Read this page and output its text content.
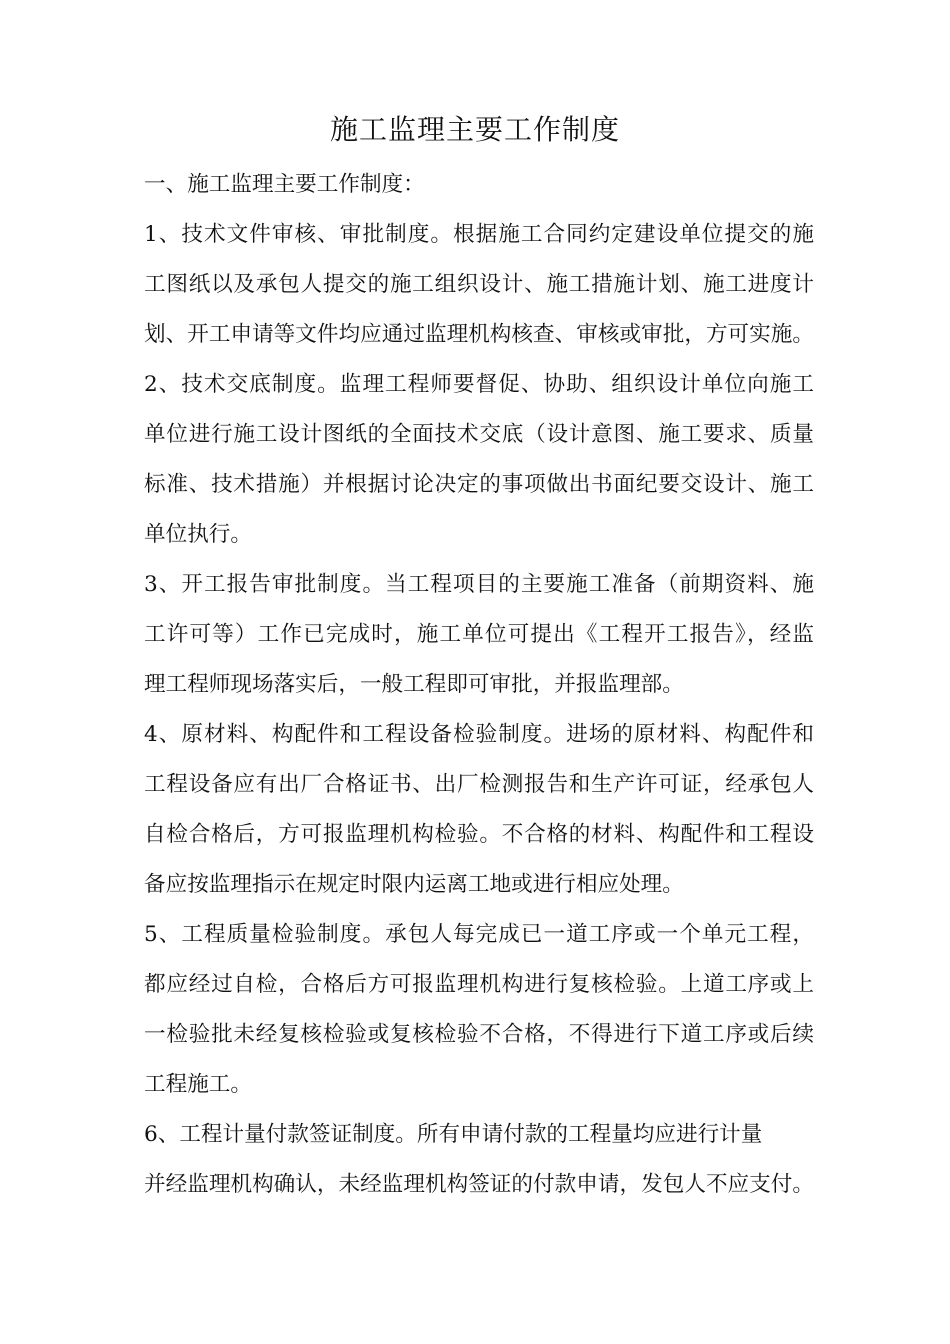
施工监理主要工作制度
一、施工监理主要工作制度：
1、技术文件审核、审批制度。根据施工合同约定建设单位提交的施
工图纸以及承包人提交的施工组织设计、施工措施计划、施工进度计
划、开工申请等文件均应通过监理机构核查、审核或审批，方可实施。
2、技术交底制度。监理工程师要督促、协助、组织设计单位向施工
单位进行施工设计图纸的全面技术交底（设计意图、施工要求、质量
标准、技术措施）并根据讨论决定的事项做出书面纪要交设计、施工
单位执行。
3、开工报告审批制度。当工程项目的主要施工准备（前期资料、施
工许可等）工作已完成时，施工单位可提出《工程开工报告》，经监
理工程师现场落实后，一般工程即可审批，并报监理部。
4、原材料、构配件和工程设备检验制度。进场的原材料、构配件和
工程设备应有出厂合格证书、出厂检测报告和生产许可证，经承包人
自检合格后，方可报监理机构检验。不合格的材料、构配件和工程设
备应按监理指示在规定时限内运离工地或进行相应处理。
5、工程质量检验制度。承包人每完成已一道工序或一个单元工程，
都应经过自检，合格后方可报监理机构进行复核检验。上道工序或上
一检验批未经复核检验或复核检验不合格，不得进行下道工序或后续
工程施工。
6、工程计量付款签证制度。所有申请付款的工程量均应进行计量
并经监理机构确认，未经监理机构签证的付款申请，发包人不应支付。
